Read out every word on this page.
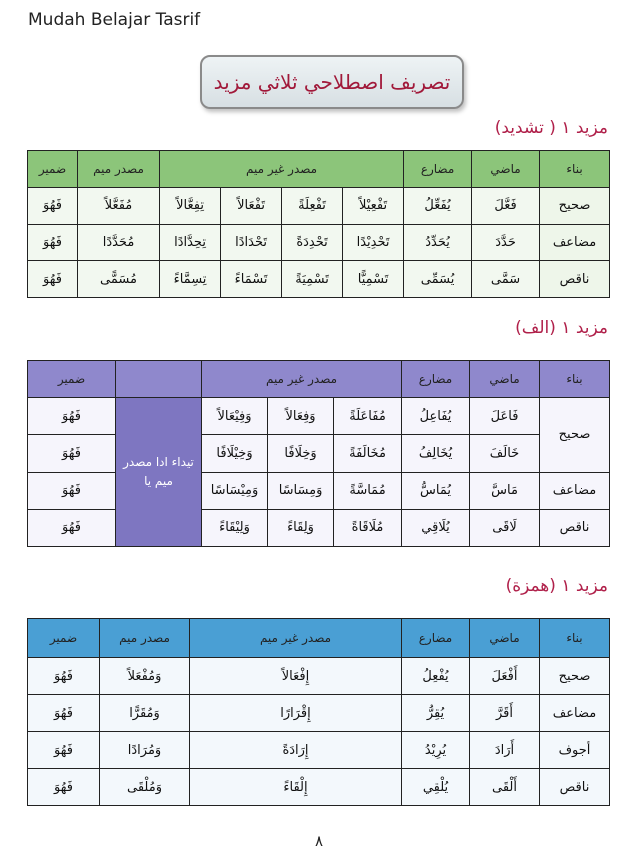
Mudah Belajar Tasrif
تصريف اصطلاحي ثلاثي مزيد
مزيد ١ ( تشديد)
بناء	ماضي	مضارع	مصدر غير ميم				مصدر ميم	ضمير
صحيح	فَعَّلَ	يُفَعِّلُ	تَفْعِيْلاً	تَفْعِلَةً	تَفْعَالاً	تِفِعَّالاً	مُفَعَّلاً	فَهُوَ
مضاعف	حَدَّدَ	يُحَدِّدُ	تَحْدِيْدًا	تَحْدِدَةً	تَحْدَادًا	تِحِدَّادًا	مُحَدَّدًا	فَهُوَ
ناقص	سَمَّى	يُسَمِّى	تَسْمِيًّا	تَسْمِيَةً	تَسْمَاءً	تِسِمَّاءً	مُسَمًّى	فَهُوَ
مزيد ١ (الف)
بناء	ماضي	مضارع	مصدر غير ميم				ضمير
صحيح	فَاعَلَ	يُفَاعِلُ	مُفَاعَلَةً	وَفِعَالاً	وَفِيْعَالاً	تيداء ادا مصدر ميم يا	فَهُوَ
	خَالَفَ	يُخَالِفُ	مُخَالَفَةً	وَخِلَافًا	وَخِيْلَافًا		فَهُوَ
مضاعف	مَاسَّ	يُمَاسُّ	مُمَاسَّةً	وَمِسَاسًا	وَمِيْسَاسًا		فَهُوَ
ناقص	لَاقَى	يُلَاقِي	مُلَاقَاةً	وَلِقَاءً	وَلِيْقَاءً		فَهُوَ
مزيد ١ (همزة)
بناء	ماضي	مضارع	مصدر غير ميم	مصدر ميم	ضمير
صحيح	أَفْعَلَ	يُفْعِلُ	إِفْعَالاً	وَمُفْعَلاً	فَهُوَ
مضاعف	أَقَرَّ	يُقِرُّ	إِقْرَارًا	وَمُقَرًّا	فَهُوَ
أجوف	أَرَادَ	يُرِيْدُ	إِرَادَةً	وَمُرَادًا	فَهُوَ
ناقص	أَلْقَى	يُلْقِي	إِلْقَاءً	وَمُلْقَى	فَهُوَ
٨
